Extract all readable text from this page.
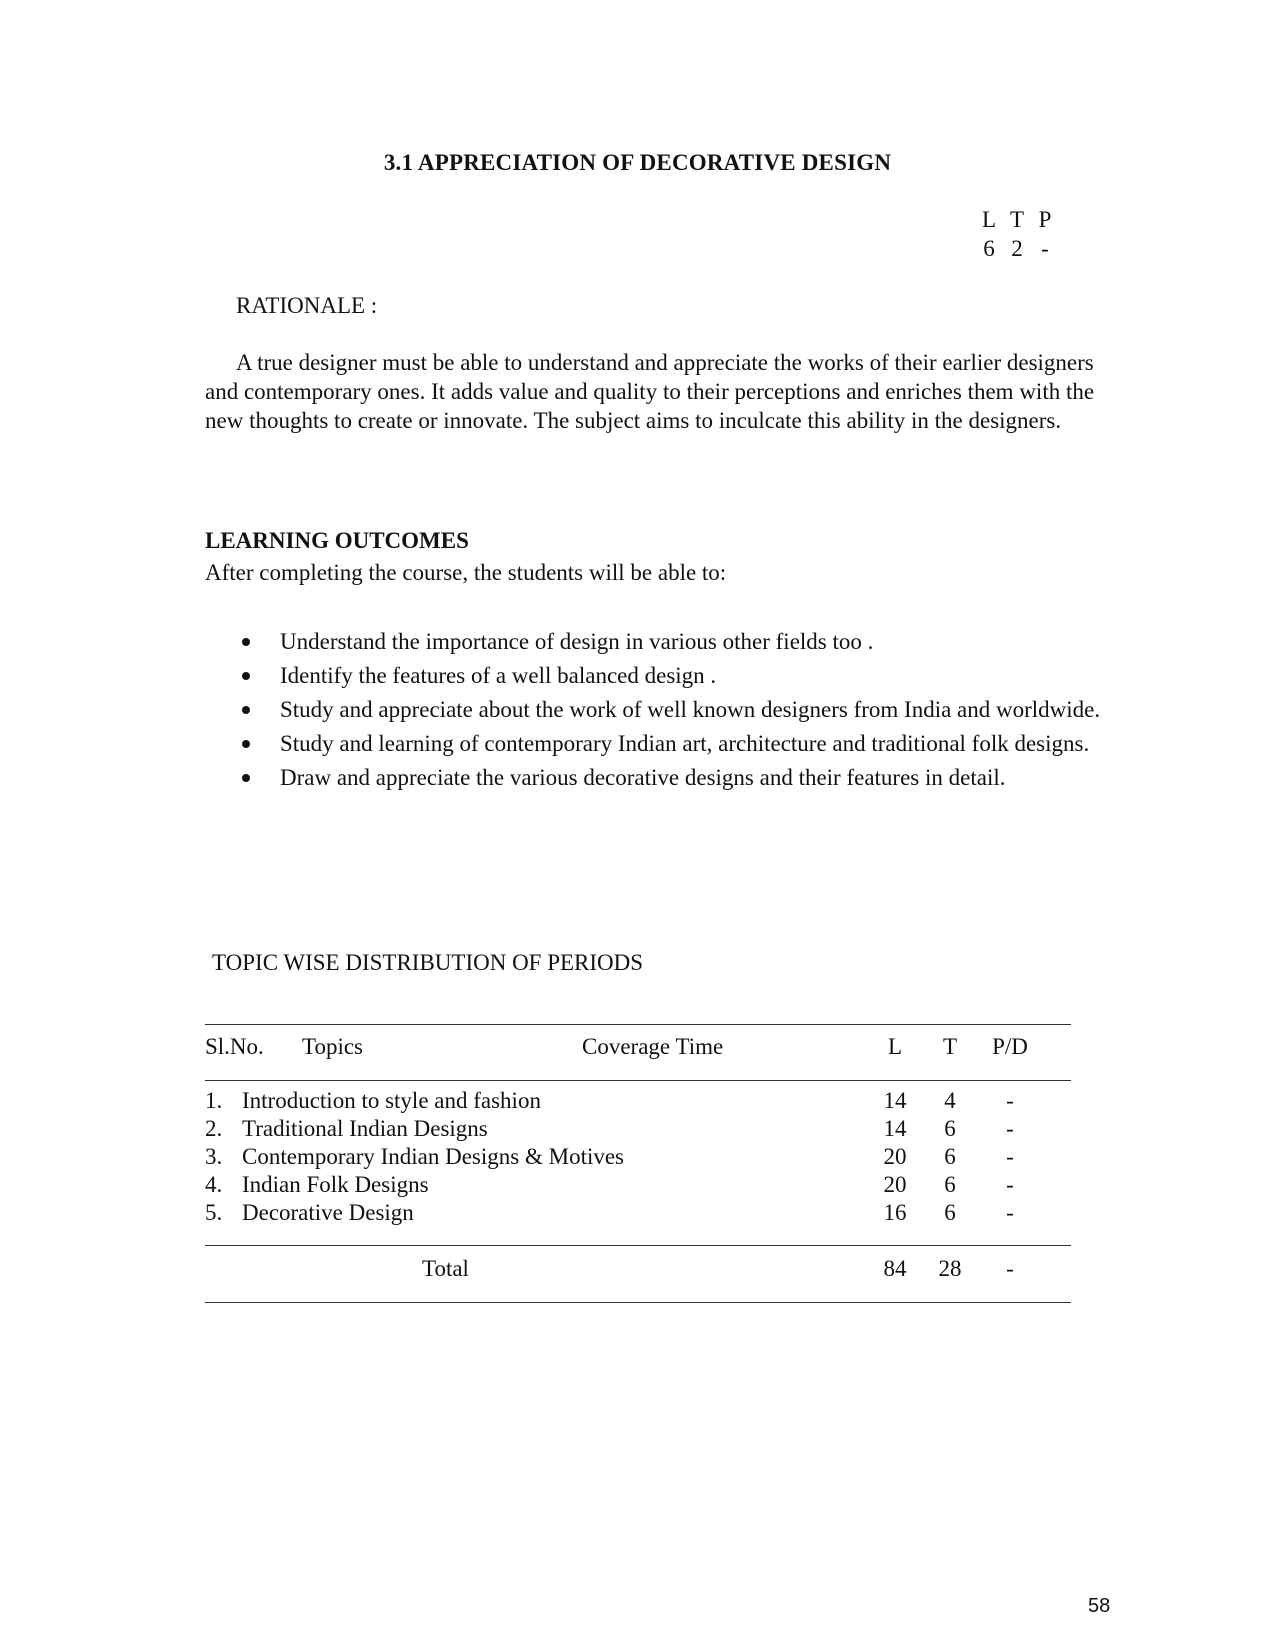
3.1 APPRECIATION OF DECORATIVE DESIGN
L T P
6 2 -
RATIONALE :
A true designer must be able to understand and appreciate the works of their earlier designers and contemporary ones. It adds value and quality to their perceptions and enriches them with the new thoughts to create or innovate. The subject aims to inculcate this ability in the designers.
LEARNING OUTCOMES
After completing the course, the students will be able to:
Understand the importance of design in various other fields too .
Identify the features of a well balanced design .
Study and appreciate about the work of well known designers from India and worldwide.
Study and learning of contemporary Indian art, architecture and traditional folk designs.
Draw and appreciate the various decorative designs and their features in detail.
TOPIC WISE DISTRIBUTION OF PERIODS
Sl.No. Topics	Coverage Time	L	T	P/D
1. Introduction to style and fashion	14	4	-
2. Traditional Indian Designs	14	6	-
3. Contemporary Indian Designs & Motives	20	6	-
4. Indian Folk Designs	20	6	-
5. Decorative Design	16	6	-
Total	84	28	-
58
